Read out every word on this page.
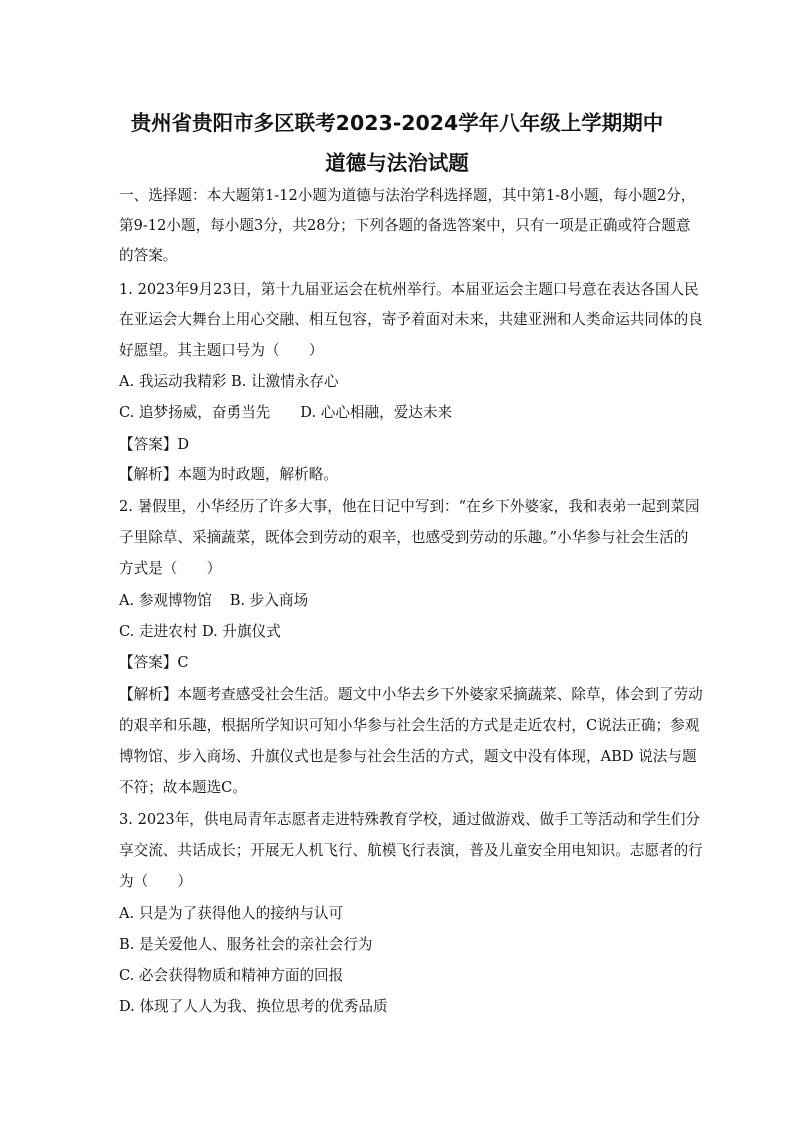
贵州省贵阳市多区联考2023-2024学年八年级上学期期中
道德与法治试题
一、选择题：本大题第1-12小题为道德与法治学科选择题，其中第1-8小题，每小题2分，
第9-12小题，每小题3分，共28分；下列各题的备选答案中，只有一项是正确或符合题意
的答案。
1. 2023年9月23日，第十九届亚运会在杭州举行。本届亚运会主题口号意在表达各国人民
在亚运会大舞台上用心交融、相互包容，寄予着面对未来，共建亚洲和人类命运共同体的良
好愿望。其主题口号为（　　）
A. 我运动我精彩 B. 让激情永存心
C. 追梦扬威，奋勇当先 D. 心心相融，爱达未来
【答案】D
【解析】本题为时政题，解析略。
2. 暑假里，小华经历了许多大事，他在日记中写到：“在乡下外婆家，我和表弟一起到菜园
子里除草、采摘蔬菜，既体会到劳动的艰辛，也感受到劳动的乐趣。”小华参与社会生活的
方式是（　　）
A. 参观博物馆 B. 步入商场
C. 走进农村 D. 升旗仪式
【答案】C
【解析】本题考查感受社会生活。题文中小华去乡下外婆家采摘蔬菜、除草，体会到了劳动
的艰辛和乐趣，根据所学知识可知小华参与社会生活的方式是走近农村，C说法正确；参观
博物馆、步入商场、升旗仪式也是参与社会生活的方式，题文中没有体现，ABD 说法与题
不符；故本题选C。
3. 2023年，供电局青年志愿者走进特殊教育学校，通过做游戏、做手工等活动和学生们分
享交流、共话成长；开展无人机飞行、航模飞行表演，普及儿童安全用电知识。志愿者的行
为（　　）
A. 只是为了获得他人的接纳与认可
B. 是关爱他人、服务社会的亲社会行为
C. 必会获得物质和精神方面的回报
D. 体现了人人为我、换位思考的优秀品质
